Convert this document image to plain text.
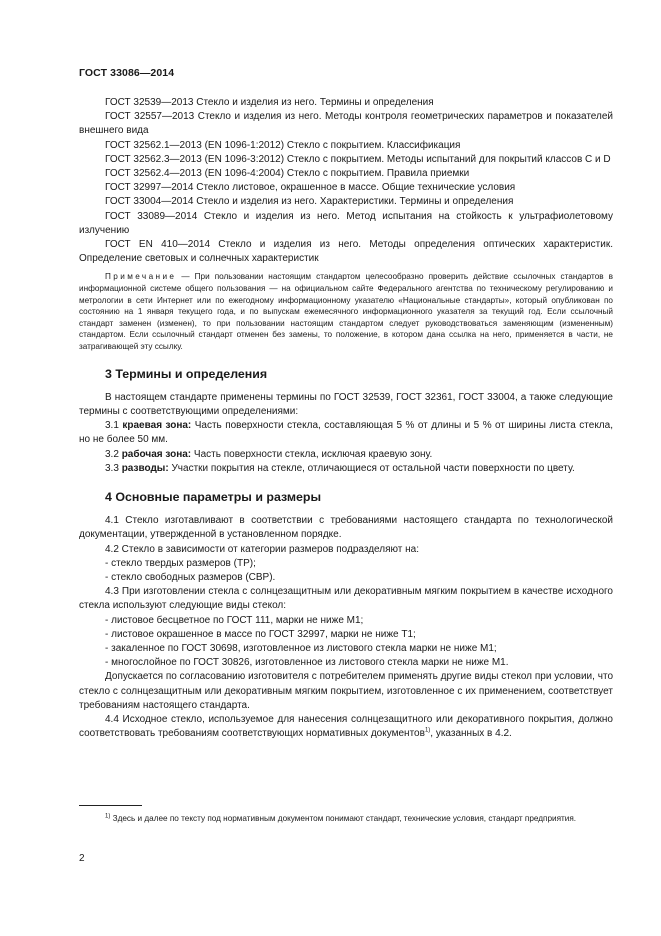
ГОСТ 33086—2014

ГОСТ 32539—2013 Стекло и изделия из него. Термины и определения

ГОСТ 32557—2013 Стекло и изделия из него. Методы контроля геометрических параметров и показателей внешнего вида

ГОСТ 32562.1—2013 (EN 1096-1:2012) Стекло с покрытием. Классификация

ГОСТ 32562.3—2013 (EN 1096-3:2012) Стекло с покрытием. Методы испытаний для покрытий классов С и D

ГОСТ 32562.4—2013 (EN 1096-4:2004) Стекло с покрытием. Правила приемки

ГОСТ 32997—2014 Стекло листовое, окрашенное в массе. Общие технические условия

ГОСТ 33004—2014 Стекло и изделия из него. Характеристики. Термины и определения

ГОСТ 33089—2014 Стекло и изделия из него. Метод испытания на стойкость к ультрафиолетовому излучению

ГОСТ EN 410—2014 Стекло и изделия из него. Методы определения оптических характеристик. Определение световых и солнечных характеристик

Примечание — При пользовании настоящим стандартом целесообразно проверить действие ссылочных стандартов в информационной системе общего пользования — на официальном сайте Федерального агентства по техническому регулированию и метрологии в сети Интернет или по ежегодному информационному указателю «Национальные стандарты», который опубликован по состоянию на 1 января текущего года, и по выпускам ежемесячного информационного указателя за текущий год. Если ссылочный стандарт заменен (изменен), то при пользовании настоящим стандартом следует руководствоваться заменяющим (измененным) стандартом. Если ссылочный стандарт отменен без замены, то положение, в котором дана ссылка на него, применяется в части, не затрагивающей эту ссылку.

3 Термины и определения

В настоящем стандарте применены термины по ГОСТ 32539, ГОСТ 32361, ГОСТ 33004, а также следующие термины с соответствующими определениями:

3.1 краевая зона: Часть поверхности стекла, составляющая 5 % от длины и 5 % от ширины листа стекла, но не более 50 мм.

3.2 рабочая зона: Часть поверхности стекла, исключая краевую зону.

3.3 разводы: Участки покрытия на стекле, отличающиеся от остальной части поверхности по цвету.

4 Основные параметры и размеры

4.1 Стекло изготавливают в соответствии с требованиями настоящего стандарта по технологической документации, утвержденной в установленном порядке.

4.2 Стекло в зависимости от категории размеров подразделяют на:

- стекло твердых размеров (ТР);

- стекло свободных размеров (СВР).

4.3 При изготовлении стекла с солнцезащитным или декоративным мягким покрытием в качестве исходного стекла используют следующие виды стекол:

- листовое бесцветное по ГОСТ 111, марки не ниже М1;

- листовое окрашенное в массе по ГОСТ 32997, марки не ниже Т1;

- закаленное по ГОСТ 30698, изготовленное из листового стекла марки не ниже М1;

- многослойное по ГОСТ 30826, изготовленное из листового стекла марки не ниже М1.

Допускается по согласованию изготовителя с потребителем применять другие виды стекол при условии, что стекло с солнцезащитным или декоративным мягким покрытием, изготовленное с их применением, соответствует требованиям настоящего стандарта.

4.4 Исходное стекло, используемое для нанесения солнцезащитного или декоративного покрытия, должно соответствовать требованиям соответствующих нормативных документов$^{1)}$, указанных в 4.2.

$^{1)}$ Здесь и далее по тексту под нормативным документом понимают стандарт, технические условия, стандарт предприятия.

2
